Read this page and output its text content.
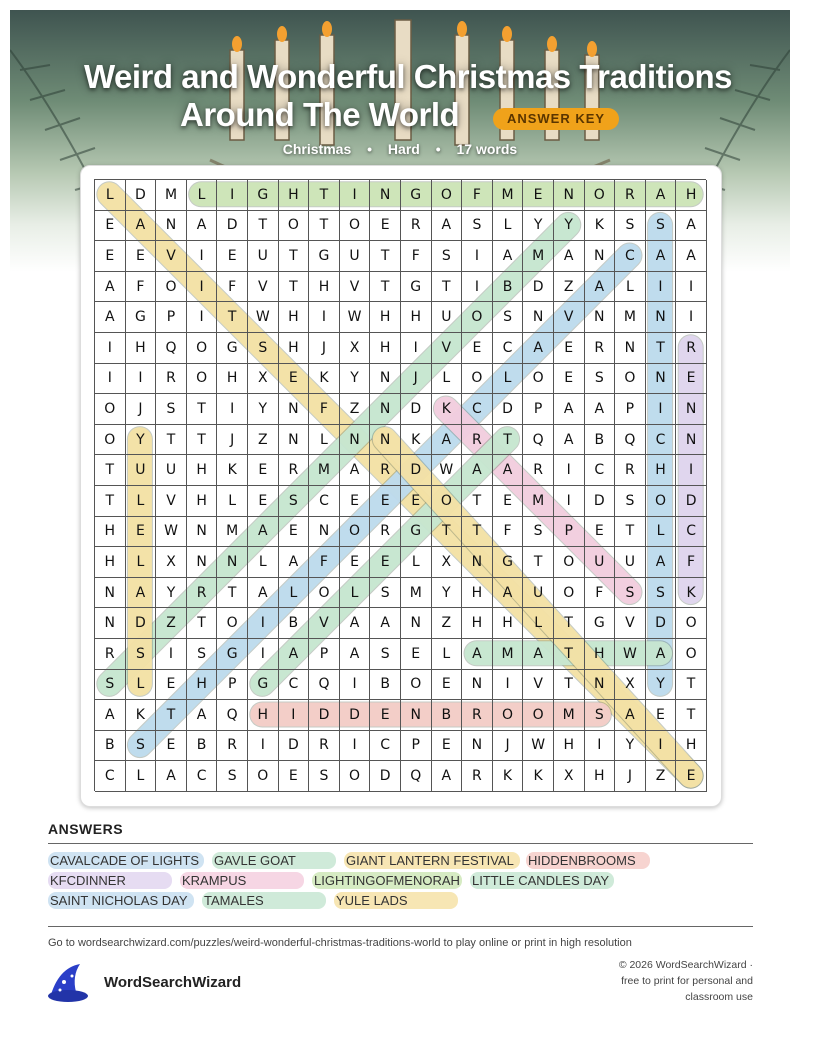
Weird and Wonderful Christmas Traditions
Around The World	ANSWER KEY
Christmas • Hard • 17 words
L	D	M	L	I	G	H	T	I	N	G	O	F	M	E	N	O	R	A	H
E	A	N	A	D	T	O	T	O	E	R	A	S	L	Y	Y	K	S	S	A
E	E	V	I	E	U	T	G	U	T	F	S	I	A	M	A	N	C	A	A
A	F	O	I	F	V	T	H	V	T	G	T	I	B	D	Z	A	L	I	I
A	G	P	I	T	W	H	I	W	H	H	U	O	S	N	V	N	M	N	I
I	H	Q	O	G	S	H	J	X	H	I	V	E	C	A	E	R	N	T	R
I	I	R	O	H	X	E	K	Y	N	J	L	O	L	O	E	S	O	N	E
O	J	S	T	I	Y	N	F	Z	N	D	K	C	D	P	A	A	P	I	N
O	Y	T	T	J	Z	N	L	N	N	K	A	R	T	Q	A	B	Q	C	N
T	U	U	H	K	E	R	M	A	R	D	W	A	A	R	I	C	R	H	I
T	L	V	H	L	E	S	C	E	E	E	O	T	E	M	I	D	S	O	D
H	E	W	N	M	A	E	N	O	R	G	T	T	F	S	P	E	T	L	C
H	L	X	N	N	L	A	F	E	E	L	X	N	G	T	O	U	U	A	F
N	A	Y	R	T	A	L	O	L	S	M	Y	H	A	U	O	F	S	S	K
N	D	Z	T	O	I	B	V	A	A	N	Z	H	H	L	T	G	V	D	O
R	S	I	S	G	I	A	P	A	S	E	L	A	M	A	T	H	W	A	O
S	L	E	H	P	G	C	Q	I	B	O	E	N	I	V	T	N	X	Y	T
A	K	T	A	Q	H	I	D	D	E	N	B	R	O	O	M	S	A	E	T
B	S	E	B	R	I	D	R	I	C	P	E	N	J	W	H	I	Y	I	H
C	L	A	C	S	O	E	S	O	D	Q	A	R	K	K	X	H	J	Z	E
ANSWERS
CAVALCADE OF LIGHTS	GAVLE GOAT	GIANT LANTERN FESTIVAL	HIDDENBROOMS
KFCDINNER	KRAMPUS	LIGHTINGOFMENORAH LITTLE CANDLES DAY
SAINT NICHOLAS DAY	TAMALES	YULE LADS
Go to wordsearchwizard.com/puzzles/weird-wonderful-christmas-traditions-world to play online or print in high resolution
WordSearchWizard
© 2026 WordSearchWizard ·
free to print for personal and
classroom use
